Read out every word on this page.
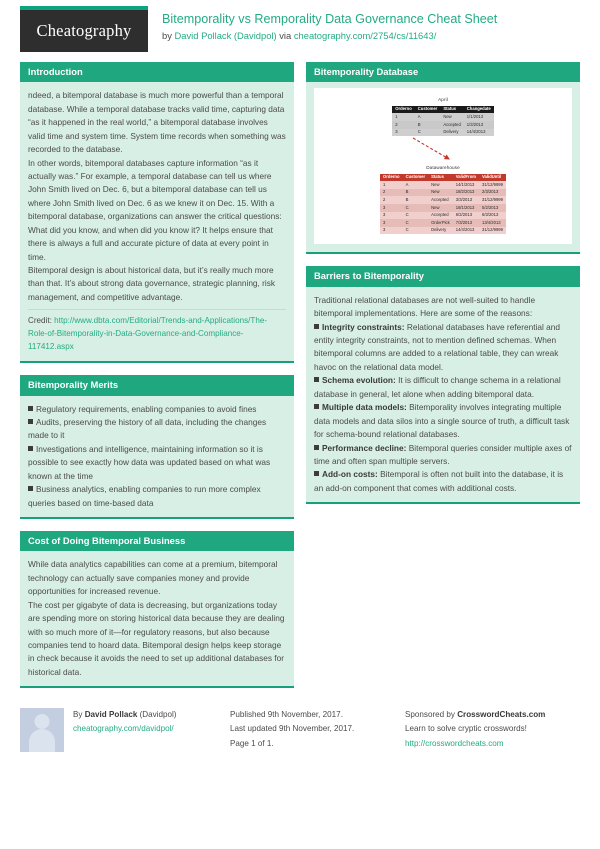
Cheatography
Bitemporality vs Remporality Data Governance Cheat Sheet
by David Pollack (Davidpol) via cheatography.com/2754/cs/11643/
Introduction

ndeed, a bitemporal database is much more powerful than a temporal database. While a temporal database tracks valid time, capturing data “as it happened in the real world,” a bitemporal database involves valid time and system time. System time records when something was recorded to the database.

In other words, bitemporal databases capture information “as it actually was.” For example, a temporal database can tell us where John Smith lived on Dec. 6, but a bitemporal database can tell us where John Smith lived on Dec. 6 as we knew it on Dec. 15. With a bitemporal database, organizations can answer the critical questions: What did you know, and when did you know it? It helps ensure that there is always a full and accurate picture of data at every point in time.

Bitemporal design is about historical data, but it’s really much more than that. It’s about strong data governance, strategic planning, risk management, and competitive advantage.

Credit: http://www.dbta.com/Editorial/Trends-and-Applications/The-Role-of-Bitemporality-in-Data-Governance-and-Compliance-117412.aspx
Bitemporality Merits

Regulatory requirements, enabling companies to avoid fines

Audits, preserving the history of all data, including the changes made to it

Investigations and intelligence, maintaining information so it is possible to see exactly how data was updated based on what was known at the time

Business analytics, enabling companies to run more complex queries based on time-based data

Cost of Doing Bitemporal Business

While data analytics capabilities can come at a premium, bitemporal technology can actually save companies money and provide opportunities for increased revenue.

The cost per gigabyte of data is decreasing, but organizations today are spending more on storing historical data because they are dealing with so much more of it—for regulatory reasons, but also because companies tend to hoard data. Bitemporal design helps keep storage in check because it avoids the need to set up additional databases for historical data.

Bitemporality Database
April
Orderno	Customer	Status	Changedate
1	A	New	1/1/2013
2	B	Accepted	1/3/2013
3	C	Delivery	14/4/2013
Datawarehouse
Orderno	Customer	Status	ValidFrom	ValidUntil
1	A	New	14/1/2013	31/12/9999
2	B	New	18/2/2013	2/3/2013
2	B	Accepted	3/3/2013	31/12/9999
3	C	New	18/1/2013	5/2/2013
3	C	Accepted	6/2/2013	6/3/2013
3	C	OrderPick	7/3/2013	13/4/2013
3	C	Delivery	14/4/2013	31/12/9999
Barriers to Bitemporality

Traditional relational databases are not well-suited to handle bitemporal implementations. Here are some of the reasons:

Integrity constraints: Relational databases have referential and entity integrity constraints, not to mention defined schemas. When bitemporal columns are added to a relational table, they can wreak havoc on the relational data model.

Schema evolution: It is difficult to change schema in a relational database in general, let alone when adding bitemporal data.

Multiple data models: Bitemporality involves integrating multiple data models and data silos into a single source of truth, a difficult task for schema-bound relational databases.

Performance decline: Bitemporal queries consider multiple axes of time and often span multiple servers.

Add-on costs: Bitemporal is often not built into the database, it is an add-on component that comes with additional costs.

By David Pollack (Davidpol)
cheatography.com/davidpol/
Published 9th November, 2017.
Last updated 9th November, 2017.
Page 1 of 1.
Sponsored by CrosswordCheats.com
Learn to solve cryptic crosswords!
http://crosswordcheats.com
